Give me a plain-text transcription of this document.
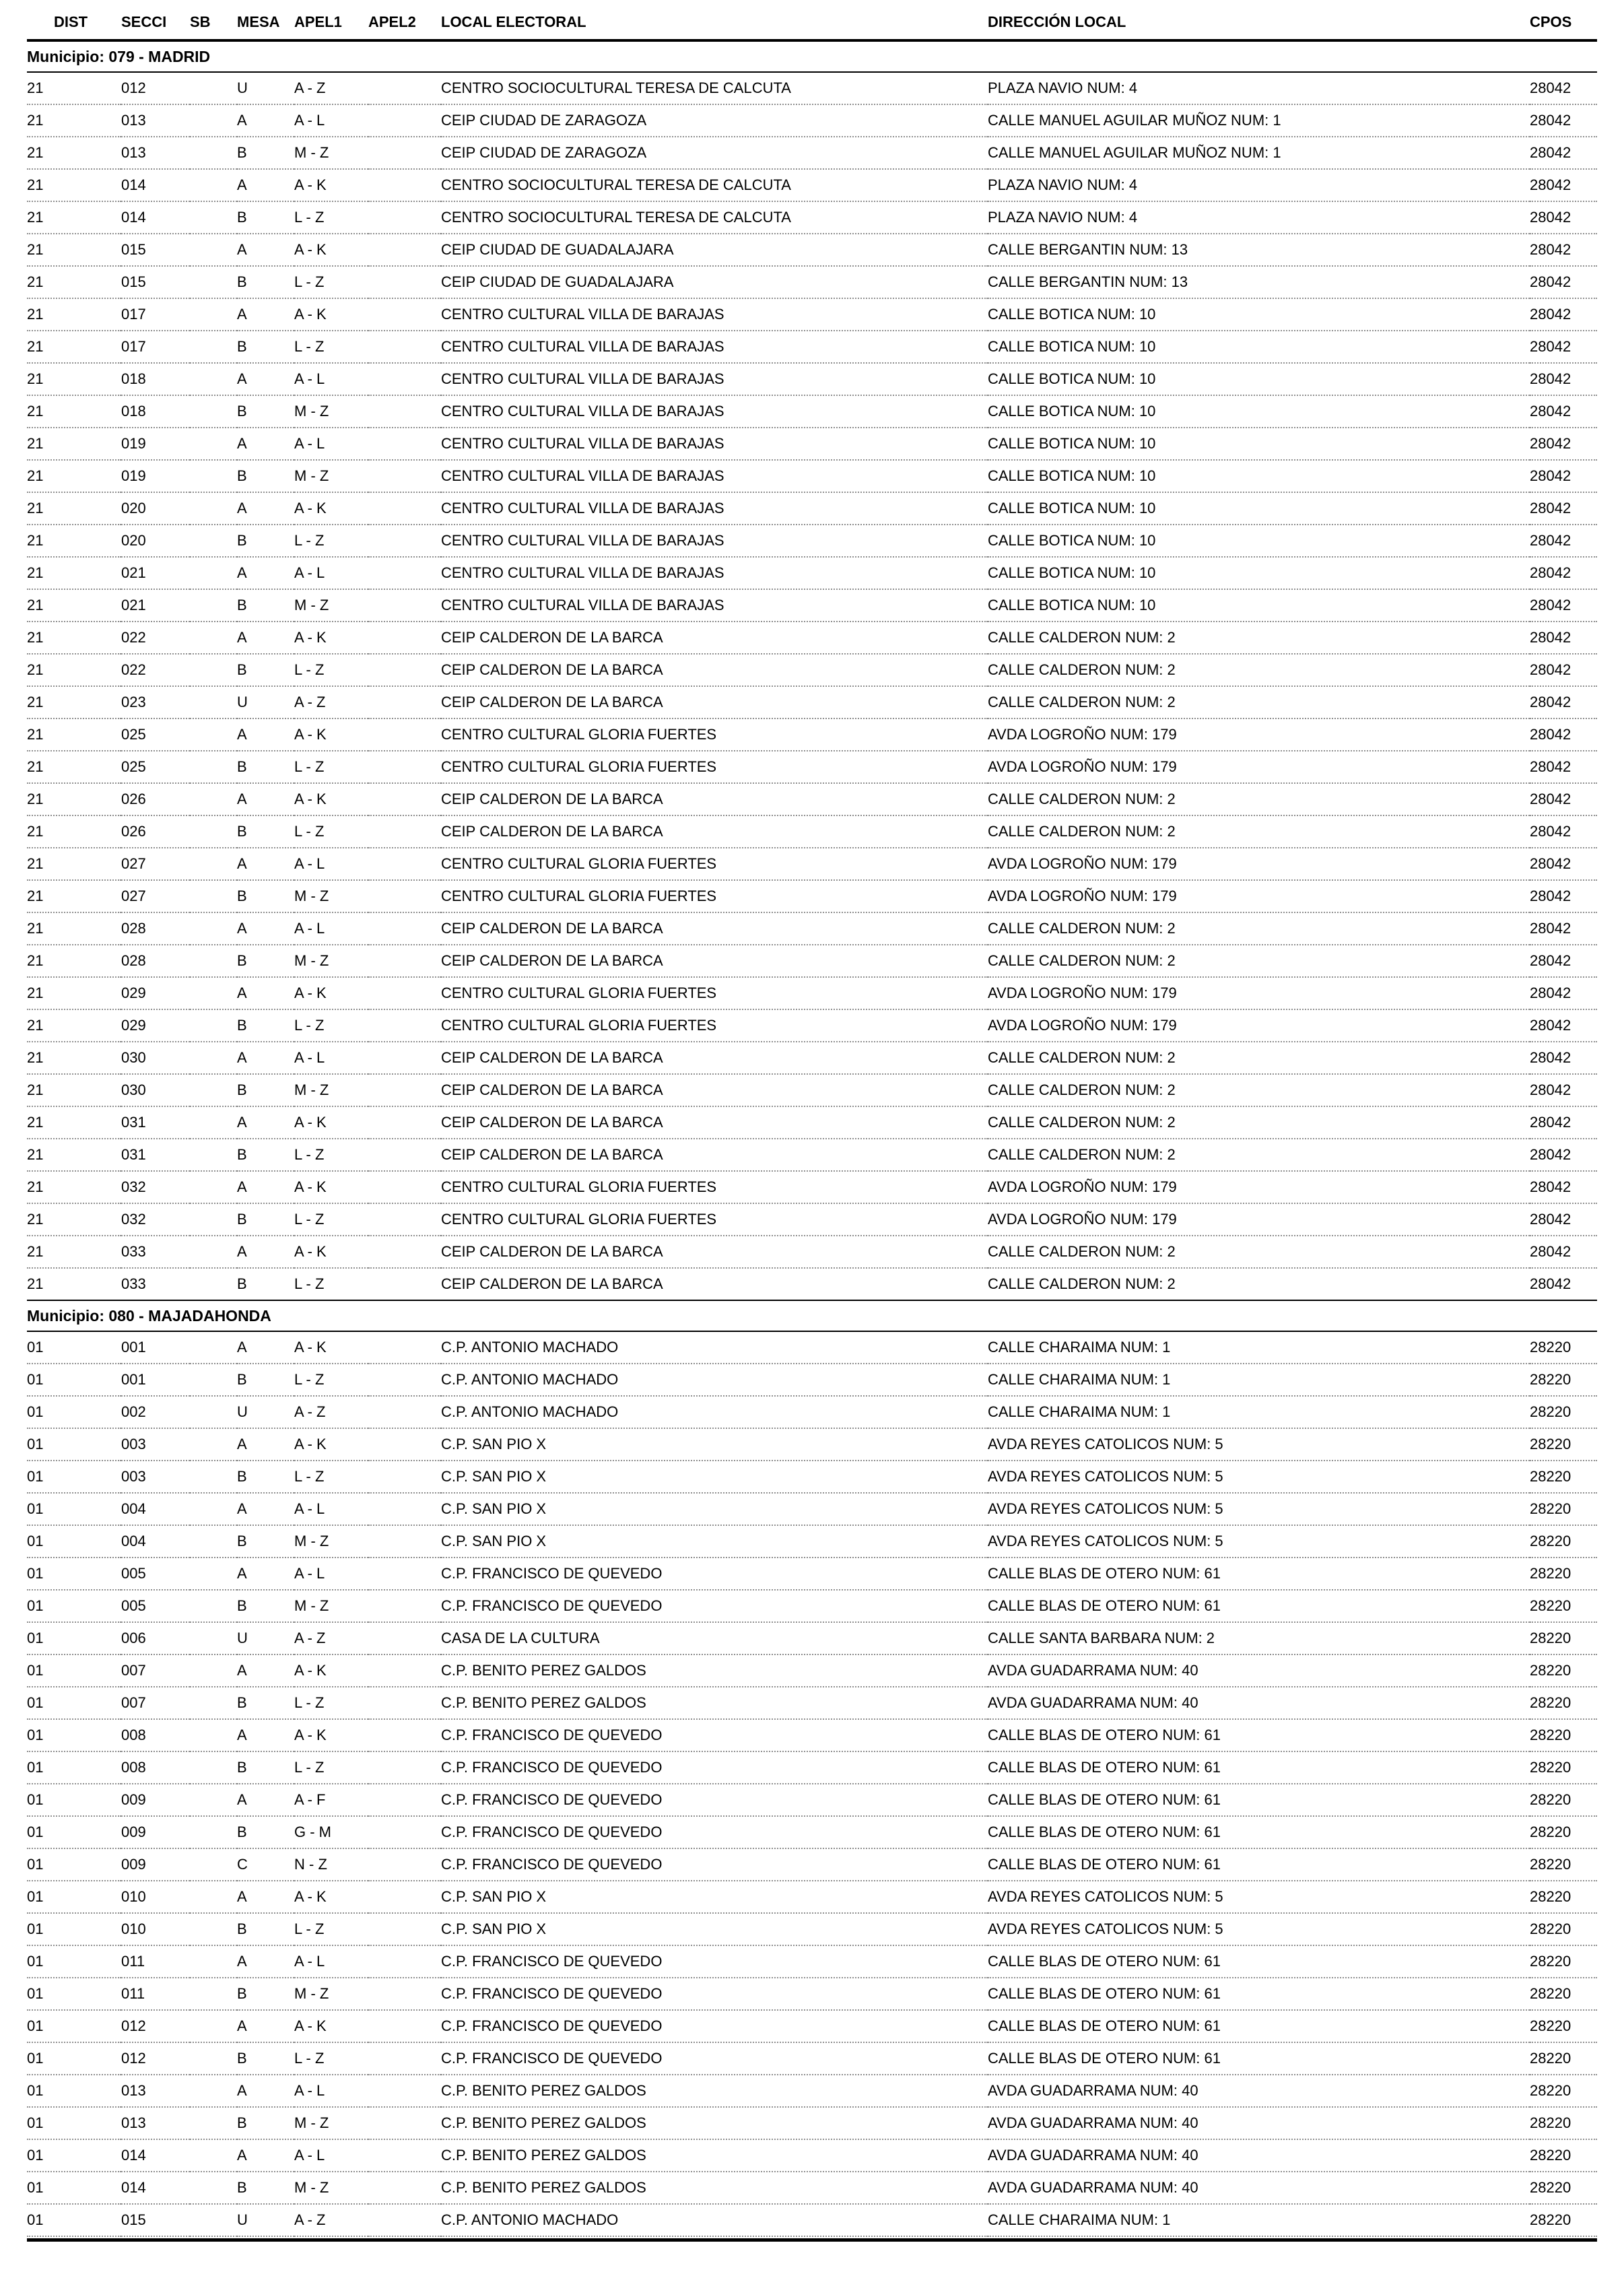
DIST	SECCI	SB	MESA	APEL1	APEL2	LOCAL ELECTORAL	DIRECCIÓN LOCAL	CPOS
Municipio: 079 - MADRID								
21	012		U	A - Z		CENTRO SOCIOCULTURAL TERESA DE CALCUTA	PLAZA NAVIO NUM: 4	28042
21	013		A	A - L		CEIP CIUDAD DE ZARAGOZA	CALLE MANUEL AGUILAR MUÑOZ NUM: 1	28042
21	013		B	M - Z		CEIP CIUDAD DE ZARAGOZA	CALLE MANUEL AGUILAR MUÑOZ NUM: 1	28042
21	014		A	A - K		CENTRO SOCIOCULTURAL TERESA DE CALCUTA	PLAZA NAVIO NUM: 4	28042
21	014		B	L - Z		CENTRO SOCIOCULTURAL TERESA DE CALCUTA	PLAZA NAVIO NUM: 4	28042
21	015		A	A - K		CEIP CIUDAD DE GUADALAJARA	CALLE BERGANTIN NUM: 13	28042
21	015		B	L - Z		CEIP CIUDAD DE GUADALAJARA	CALLE BERGANTIN NUM: 13	28042
21	017		A	A - K		CENTRO CULTURAL VILLA DE BARAJAS	CALLE BOTICA NUM: 10	28042
21	017		B	L - Z		CENTRO CULTURAL VILLA DE BARAJAS	CALLE BOTICA NUM: 10	28042
21	018		A	A - L		CENTRO CULTURAL VILLA DE BARAJAS	CALLE BOTICA NUM: 10	28042
21	018		B	M - Z		CENTRO CULTURAL VILLA DE BARAJAS	CALLE BOTICA NUM: 10	28042
21	019		A	A - L		CENTRO CULTURAL VILLA DE BARAJAS	CALLE BOTICA NUM: 10	28042
21	019		B	M - Z		CENTRO CULTURAL VILLA DE BARAJAS	CALLE BOTICA NUM: 10	28042
21	020		A	A - K		CENTRO CULTURAL VILLA DE BARAJAS	CALLE BOTICA NUM: 10	28042
21	020		B	L - Z		CENTRO CULTURAL VILLA DE BARAJAS	CALLE BOTICA NUM: 10	28042
21	021		A	A - L		CENTRO CULTURAL VILLA DE BARAJAS	CALLE BOTICA NUM: 10	28042
21	021		B	M - Z		CENTRO CULTURAL VILLA DE BARAJAS	CALLE BOTICA NUM: 10	28042
21	022		A	A - K		CEIP CALDERON DE LA BARCA	CALLE CALDERON NUM: 2	28042
21	022		B	L - Z		CEIP CALDERON DE LA BARCA	CALLE CALDERON NUM: 2	28042
21	023		U	A - Z		CEIP CALDERON DE LA BARCA	CALLE CALDERON NUM: 2	28042
21	025		A	A - K		CENTRO CULTURAL GLORIA FUERTES	AVDA LOGROÑO NUM: 179	28042
21	025		B	L - Z		CENTRO CULTURAL GLORIA FUERTES	AVDA LOGROÑO NUM: 179	28042
21	026		A	A - K		CEIP CALDERON DE LA BARCA	CALLE CALDERON NUM: 2	28042
21	026		B	L - Z		CEIP CALDERON DE LA BARCA	CALLE CALDERON NUM: 2	28042
21	027		A	A - L		CENTRO CULTURAL GLORIA FUERTES	AVDA LOGROÑO NUM: 179	28042
21	027		B	M - Z		CENTRO CULTURAL GLORIA FUERTES	AVDA LOGROÑO NUM: 179	28042
21	028		A	A - L		CEIP CALDERON DE LA BARCA	CALLE CALDERON NUM: 2	28042
21	028		B	M - Z		CEIP CALDERON DE LA BARCA	CALLE CALDERON NUM: 2	28042
21	029		A	A - K		CENTRO CULTURAL GLORIA FUERTES	AVDA LOGROÑO NUM: 179	28042
21	029		B	L - Z		CENTRO CULTURAL GLORIA FUERTES	AVDA LOGROÑO NUM: 179	28042
21	030		A	A - L		CEIP CALDERON DE LA BARCA	CALLE CALDERON NUM: 2	28042
21	030		B	M - Z		CEIP CALDERON DE LA BARCA	CALLE CALDERON NUM: 2	28042
21	031		A	A - K		CEIP CALDERON DE LA BARCA	CALLE CALDERON NUM: 2	28042
21	031		B	L - Z		CEIP CALDERON DE LA BARCA	CALLE CALDERON NUM: 2	28042
21	032		A	A - K		CENTRO CULTURAL GLORIA FUERTES	AVDA LOGROÑO NUM: 179	28042
21	032		B	L - Z		CENTRO CULTURAL GLORIA FUERTES	AVDA LOGROÑO NUM: 179	28042
21	033		A	A - K		CEIP CALDERON DE LA BARCA	CALLE CALDERON NUM: 2	28042
21	033		B	L - Z		CEIP CALDERON DE LA BARCA	CALLE CALDERON NUM: 2	28042
Municipio: 080 - MAJADAHONDA								
01	001		A	A - K		C.P. ANTONIO MACHADO	CALLE CHARAIMA NUM: 1	28220
01	001		B	L - Z		C.P. ANTONIO MACHADO	CALLE CHARAIMA NUM: 1	28220
01	002		U	A - Z		C.P. ANTONIO MACHADO	CALLE CHARAIMA NUM: 1	28220
01	003		A	A - K		C.P. SAN PIO X	AVDA REYES CATOLICOS NUM: 5	28220
01	003		B	L - Z		C.P. SAN PIO X	AVDA REYES CATOLICOS NUM: 5	28220
01	004		A	A - L		C.P. SAN PIO X	AVDA REYES CATOLICOS NUM: 5	28220
01	004		B	M - Z		C.P. SAN PIO X	AVDA REYES CATOLICOS NUM: 5	28220
01	005		A	A - L		C.P. FRANCISCO DE QUEVEDO	CALLE BLAS DE OTERO NUM: 61	28220
01	005		B	M - Z		C.P. FRANCISCO DE QUEVEDO	CALLE BLAS DE OTERO NUM: 61	28220
01	006		U	A - Z		CASA DE LA CULTURA	CALLE SANTA BARBARA NUM: 2	28220
01	007		A	A - K		C.P. BENITO PEREZ GALDOS	AVDA GUADARRAMA NUM: 40	28220
01	007		B	L - Z		C.P. BENITO PEREZ GALDOS	AVDA GUADARRAMA NUM: 40	28220
01	008		A	A - K		C.P. FRANCISCO DE QUEVEDO	CALLE BLAS DE OTERO NUM: 61	28220
01	008		B	L - Z		C.P. FRANCISCO DE QUEVEDO	CALLE BLAS DE OTERO NUM: 61	28220
01	009		A	A - F		C.P. FRANCISCO DE QUEVEDO	CALLE BLAS DE OTERO NUM: 61	28220
01	009		B	G - M		C.P. FRANCISCO DE QUEVEDO	CALLE BLAS DE OTERO NUM: 61	28220
01	009		C	N - Z		C.P. FRANCISCO DE QUEVEDO	CALLE BLAS DE OTERO NUM: 61	28220
01	010		A	A - K		C.P. SAN PIO X	AVDA REYES CATOLICOS NUM: 5	28220
01	010		B	L - Z		C.P. SAN PIO X	AVDA REYES CATOLICOS NUM: 5	28220
01	011		A	A - L		C.P. FRANCISCO DE QUEVEDO	CALLE BLAS DE OTERO NUM: 61	28220
01	011		B	M - Z		C.P. FRANCISCO DE QUEVEDO	CALLE BLAS DE OTERO NUM: 61	28220
01	012		A	A - K		C.P. FRANCISCO DE QUEVEDO	CALLE BLAS DE OTERO NUM: 61	28220
01	012		B	L - Z		C.P. FRANCISCO DE QUEVEDO	CALLE BLAS DE OTERO NUM: 61	28220
01	013		A	A - L		C.P. BENITO PEREZ GALDOS	AVDA GUADARRAMA NUM: 40	28220
01	013		B	M - Z		C.P. BENITO PEREZ GALDOS	AVDA GUADARRAMA NUM: 40	28220
01	014		A	A - L		C.P. BENITO PEREZ GALDOS	AVDA GUADARRAMA NUM: 40	28220
01	014		B	M - Z		C.P. BENITO PEREZ GALDOS	AVDA GUADARRAMA NUM: 40	28220
01	015		U	A - Z		C.P. ANTONIO MACHADO	CALLE CHARAIMA NUM: 1	28220
